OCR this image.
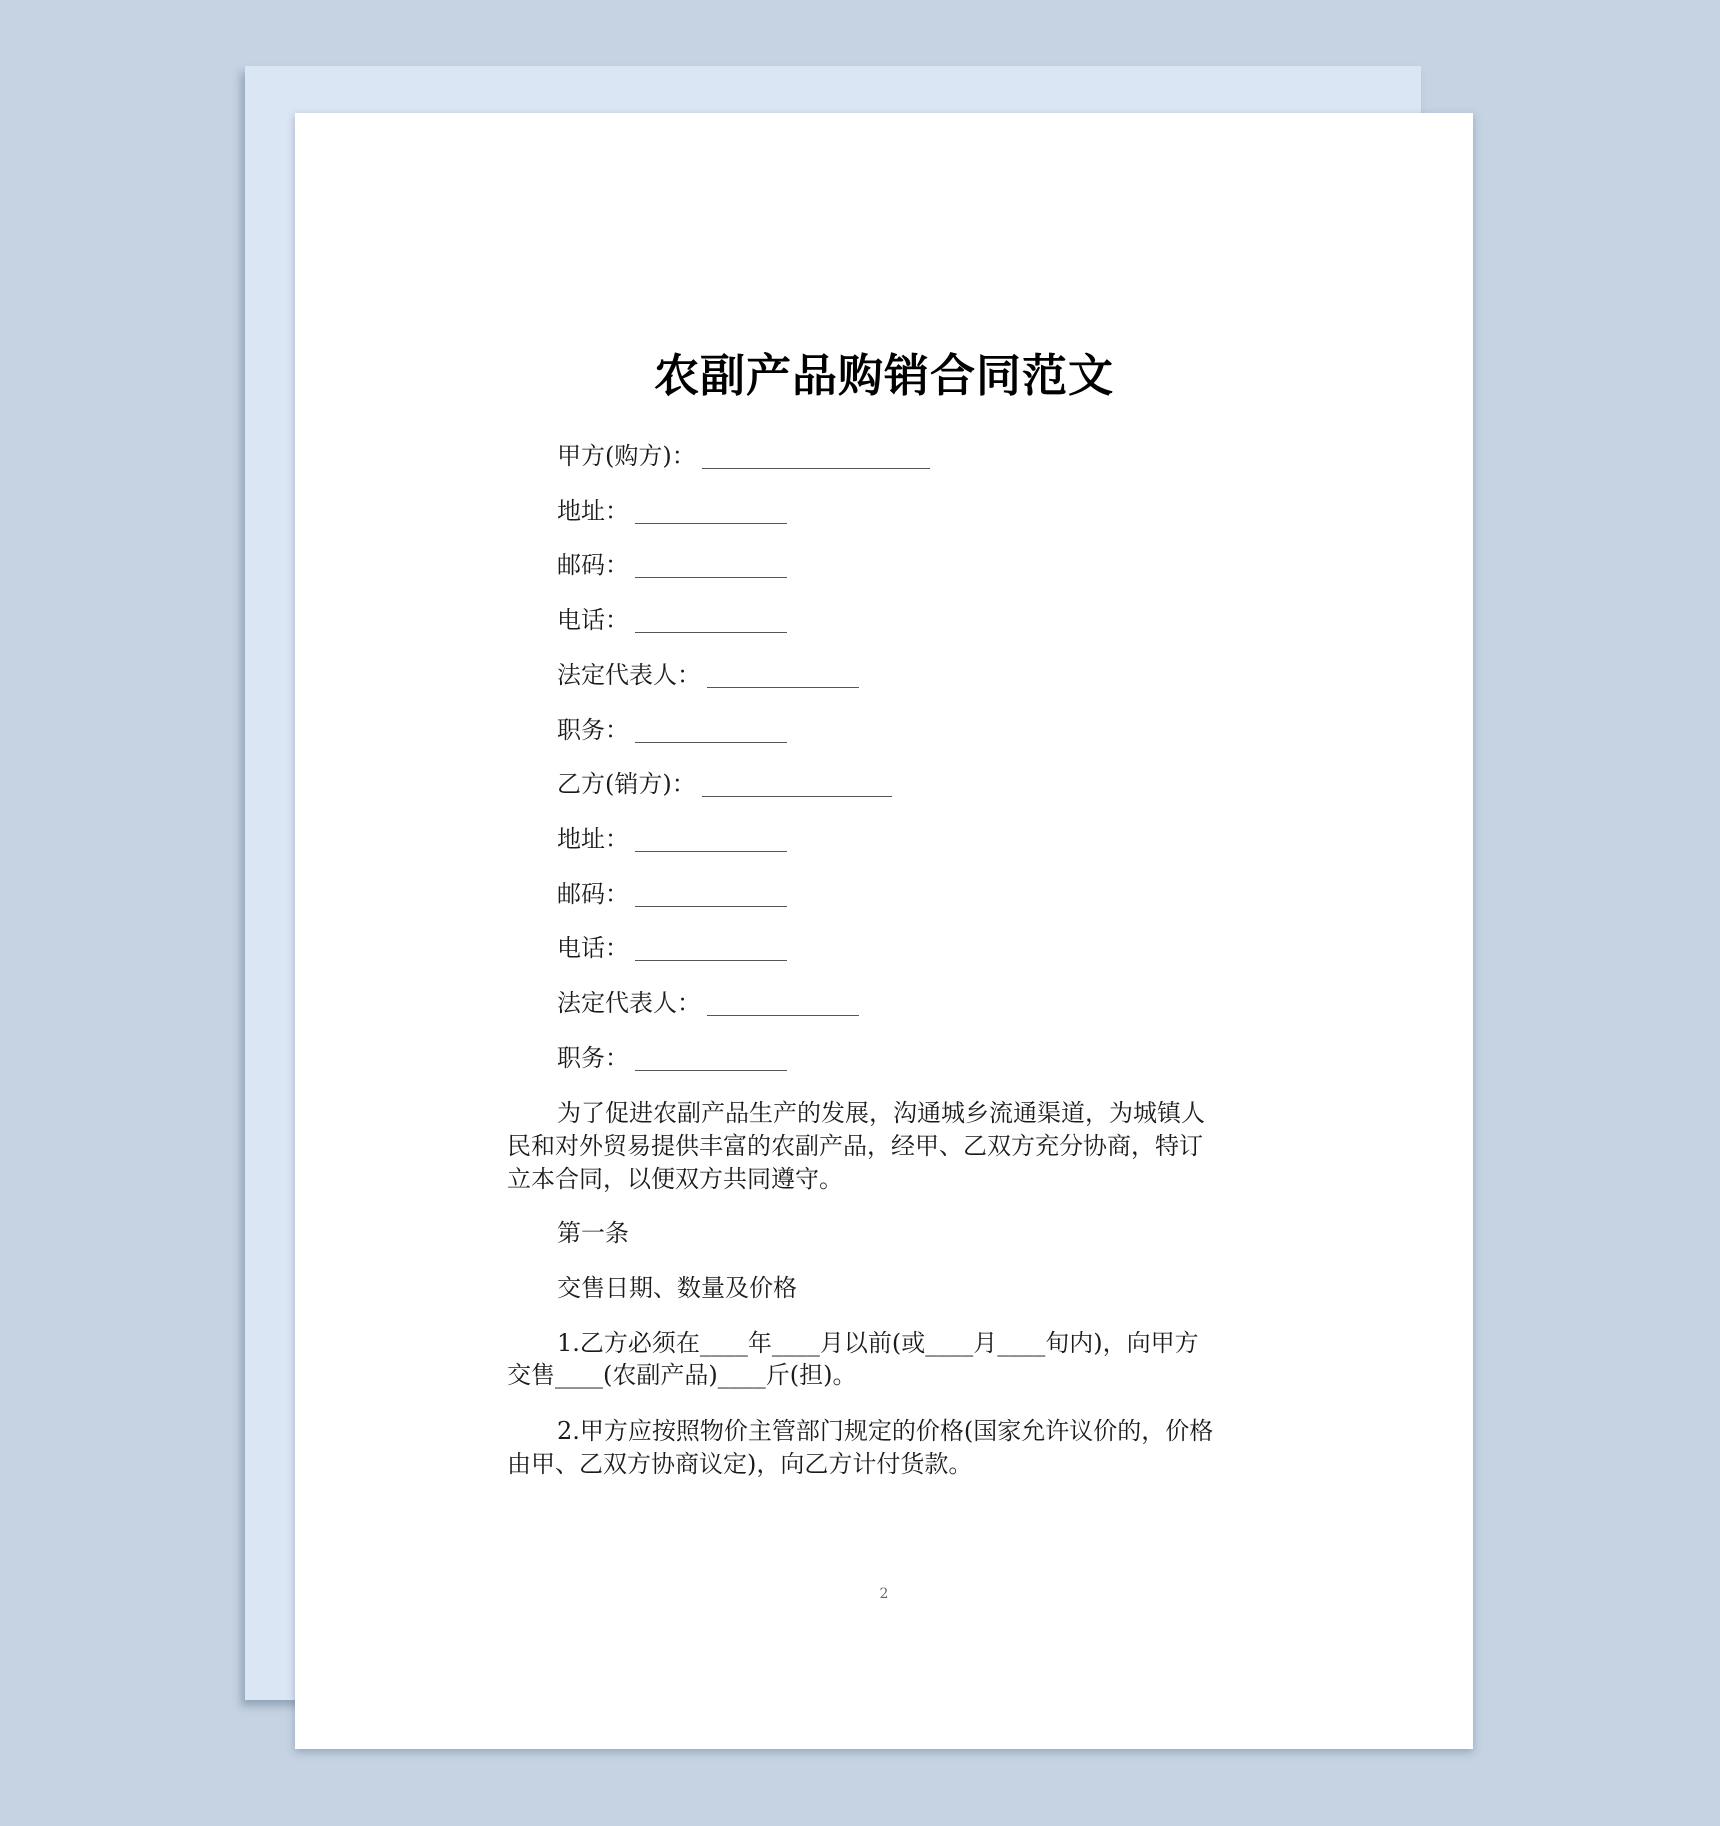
农副产品购销合同范文
甲方(购方)：
地址：
邮码：
电话：
法定代表人：
职务：
乙方(销方)：
地址：
邮码：
电话：
法定代表人：
职务：
为了促进农副产品生产的发展，沟通城乡流通渠道，为城镇人
民和对外贸易提供丰富的农副产品，经甲、乙双方充分协商，特订
立本合同，以便双方共同遵守。
第一条
交售日期、数量及价格
1.乙方必须在____年____月以前(或____月____旬内)，向甲方
交售____(农副产品)____斤(担)。
2.甲方应按照物价主管部门规定的价格(国家允许议价的，价格
由甲、乙双方协商议定)，向乙方计付货款。
2
